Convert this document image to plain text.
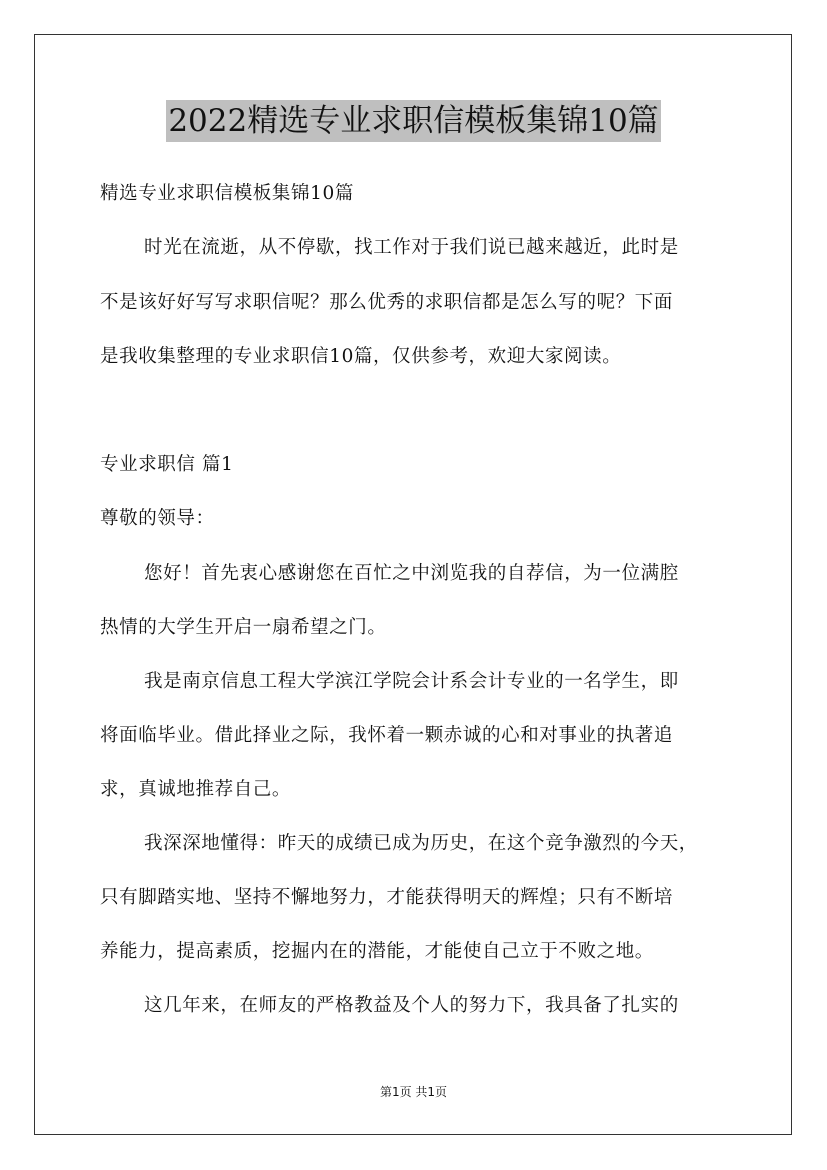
2022精选专业求职信模板集锦10篇
精选专业求职信模板集锦10篇
时光在流逝，从不停歇，找工作对于我们说已越来越近，此时是
不是该好好写写求职信呢？那么优秀的求职信都是怎么写的呢？下面
是我收集整理的专业求职信10篇，仅供参考，欢迎大家阅读。
专业求职信 篇1
尊敬的领导：
您好！首先衷心感谢您在百忙之中浏览我的自荐信，为一位满腔
热情的大学生开启一扇希望之门。
我是南京信息工程大学滨江学院会计系会计专业的一名学生，即
将面临毕业。借此择业之际，我怀着一颗赤诚的心和对事业的执著追
求，真诚地推荐自己。
我深深地懂得：昨天的成绩已成为历史，在这个竞争激烈的今天，
只有脚踏实地、坚持不懈地努力，才能获得明天的辉煌；只有不断培
养能力，提高素质，挖掘内在的潜能，才能使自己立于不败之地。
这几年来，在师友的严格教益及个人的努力下，我具备了扎实的
第1页 共1页
